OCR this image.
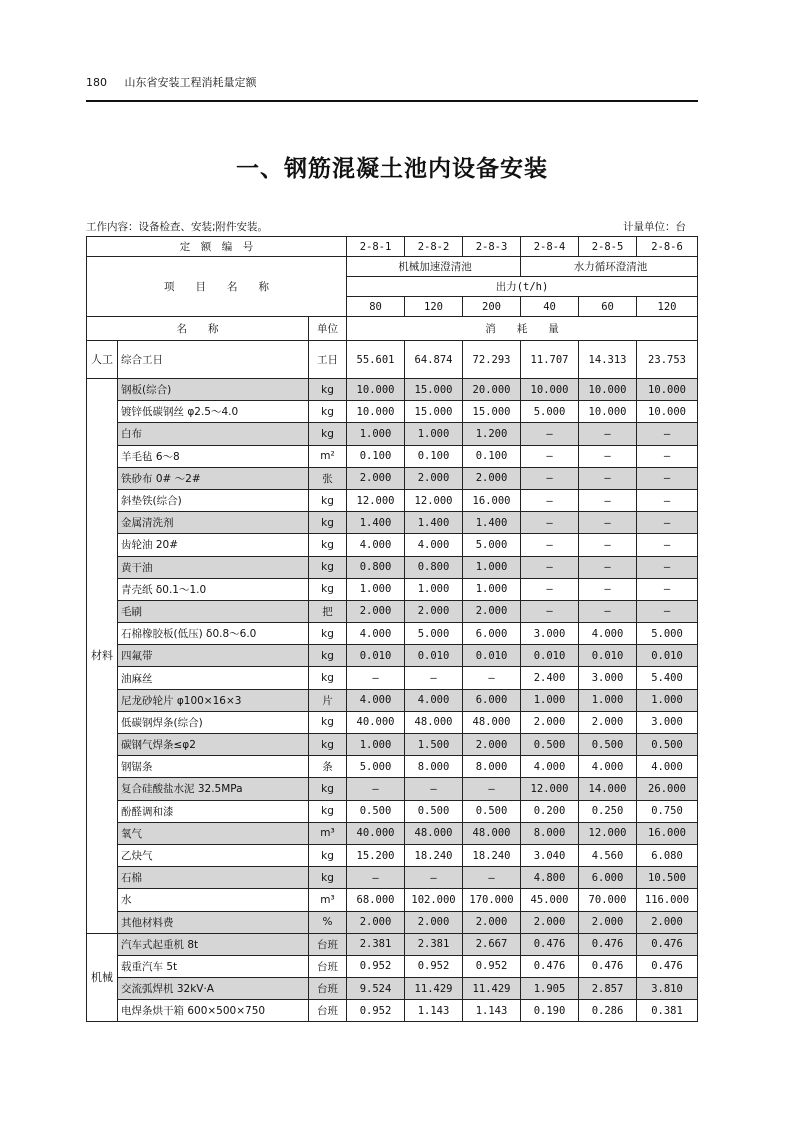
180 山东省安装工程消耗量定额
一、钢筋混凝土池内设备安装
工作内容：设备检查、安装;附件安装。	计量单位：台
定　额　编　号			2-8-1	2-8-2	2-8-3	2-8-4	2-8-5	2-8-6
项　　目　　名　　称			机械加速澄清池			水力循环澄清池		
			出力(t/h)					
			80	120	200	40	60	120
名　　称		单位	消　　耗　　量					
人工	综合工日	工日	55.601	64.874	72.293	11.707	14.313	23.753
材料	钢板(综合)	kg	10.000	15.000	20.000	10.000	10.000	10.000
	镀锌低碳钢丝 φ2.5～4.0	kg	10.000	15.000	15.000	5.000	10.000	10.000
	白布	kg	1.000	1.000	1.200	—	—	—
	羊毛毡 6～8	m²	0.100	0.100	0.100	—	—	—
	铁砂布 0# ～2#	张	2.000	2.000	2.000	—	—	—
	斜垫铁(综合)	kg	12.000	12.000	16.000	—	—	—
	金属清洗剂	kg	1.400	1.400	1.400	—	—	—
	齿轮油 20#	kg	4.000	4.000	5.000	—	—	—
	黄干油	kg	0.800	0.800	1.000	—	—	—
	青壳纸 δ0.1～1.0	kg	1.000	1.000	1.000	—	—	—
	毛刷	把	2.000	2.000	2.000	—	—	—
	石棉橡胶板(低压) δ0.8～6.0	kg	4.000	5.000	6.000	3.000	4.000	5.000
	四氟带	kg	0.010	0.010	0.010	0.010	0.010	0.010
	油麻丝	kg	—	—	—	2.400	3.000	5.400
	尼龙砂轮片 φ100×16×3	片	4.000	4.000	6.000	1.000	1.000	1.000
	低碳钢焊条(综合)	kg	40.000	48.000	48.000	2.000	2.000	3.000
	碳钢气焊条≤φ2	kg	1.000	1.500	2.000	0.500	0.500	0.500
	钢锯条	条	5.000	8.000	8.000	4.000	4.000	4.000
	复合硅酸盐水泥 32.5MPa	kg	—	—	—	12.000	14.000	26.000
	酚醛调和漆	kg	0.500	0.500	0.500	0.200	0.250	0.750
	氧气	m³	40.000	48.000	48.000	8.000	12.000	16.000
	乙炔气	kg	15.200	18.240	18.240	3.040	4.560	6.080
	石棉	kg	—	—	—	4.800	6.000	10.500
	水	m³	68.000	102.000	170.000	45.000	70.000	116.000
	其他材料费	%	2.000	2.000	2.000	2.000	2.000	2.000
机械	汽车式起重机 8t	台班	2.381	2.381	2.667	0.476	0.476	0.476
	载重汽车 5t	台班	0.952	0.952	0.952	0.476	0.476	0.476
	交流弧焊机 32kV·A	台班	9.524	11.429	11.429	1.905	2.857	3.810
	电焊条烘干箱 600×500×750	台班	0.952	1.143	1.143	0.190	0.286	0.381
